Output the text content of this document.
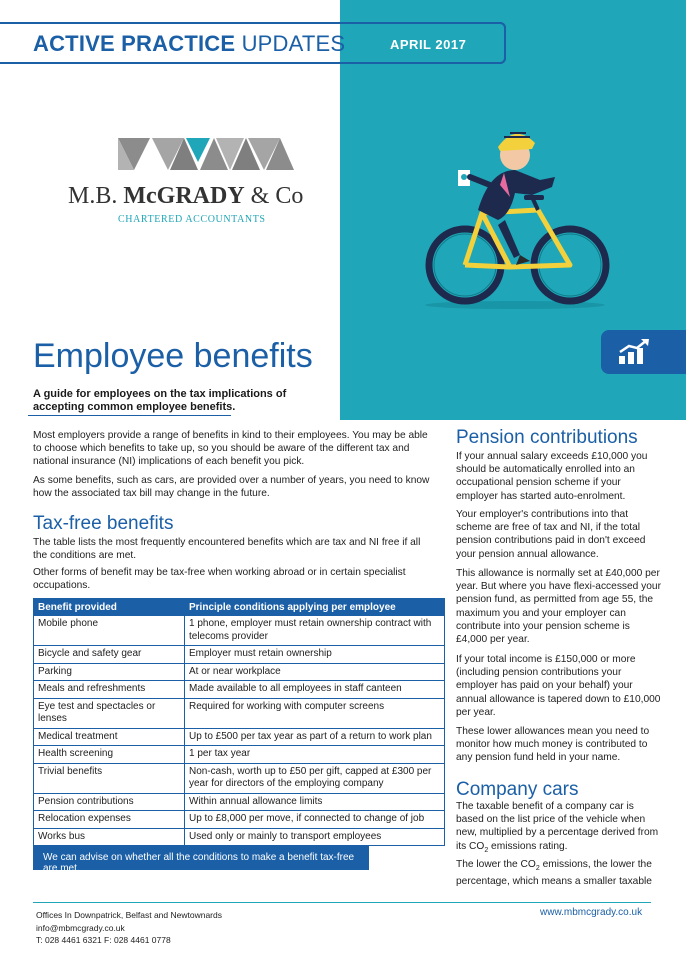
ACTIVE PRACTICE UPDATES	APRIL 2017
M.B. McGRADY & Co
CHARTERED ACCOUNTANTS
Employee benefits
A guide for employees on the tax implications of accepting common employee benefits.
Most employers provide a range of benefits in kind to their employees. You may be able to choose which benefits to take up, so you should be aware of the different tax and national insurance (NI) implications of each benefit you pick.
As some benefits, such as cars, are provided over a number of years, you need to know how the associated tax bill may change in the future.
Tax-free benefits
The table lists the most frequently encountered benefits which are tax and NI free if all the conditions are met.
Other forms of benefit may be tax-free when working abroad or in certain specialist occupations.
Benefit provided	Principle conditions applying per employee
Mobile phone	1 phone, employer must retain ownership contract with telecoms provider
Bicycle and safety gear	Employer must retain ownership
Parking	At or near workplace
Meals and refreshments	Made available to all employees in staff canteen
Eye test and spectacles or lenses	Required for working with computer screens
Medical treatment	Up to £500 per tax year as part of a return to work plan
Health screening	1 per tax year
Trivial benefits	Non-cash, worth up to £50 per gift, capped at £300 per year for directors of the employing company
Pension contributions	Within annual allowance limits
Relocation expenses	Up to £8,000 per move, if connected to change of job
Works bus	Used only or mainly to transport employees
We can advise on whether all the conditions to make a benefit tax-free are met.
Pension contributions
If your annual salary exceeds £10,000 you should be automatically enrolled into an occupational pension scheme if your employer has started auto-enrolment.
Your employer's contributions into that scheme are free of tax and NI, if the total pension contributions paid in don't exceed your pension annual allowance.
This allowance is normally set at £40,000 per year. But where you have flexi-accessed your pension fund, as permitted from age 55, the maximum you and your employer can contribute into your pension scheme is £4,000 per year.
If your total income is £150,000 or more (including pension contributions your employer has paid on your behalf) your annual allowance is tapered down to £10,000 per year.
These lower allowances mean you need to monitor how much money is contributed to any pension fund held in your name.
Company cars
The taxable benefit of a company car is based on the list price of the vehicle when new, multiplied by a percentage derived from its $CO_2$ emissions rating.
The lower the $CO_2$ emissions, the lower the percentage, which means a smaller taxable
Offices In Downpatrick, Belfast and Newtownards
info@mbmcgrady.co.uk
T: 028 4461 6321 F: 028 4461 0778
www.mbmcgrady.co.uk
